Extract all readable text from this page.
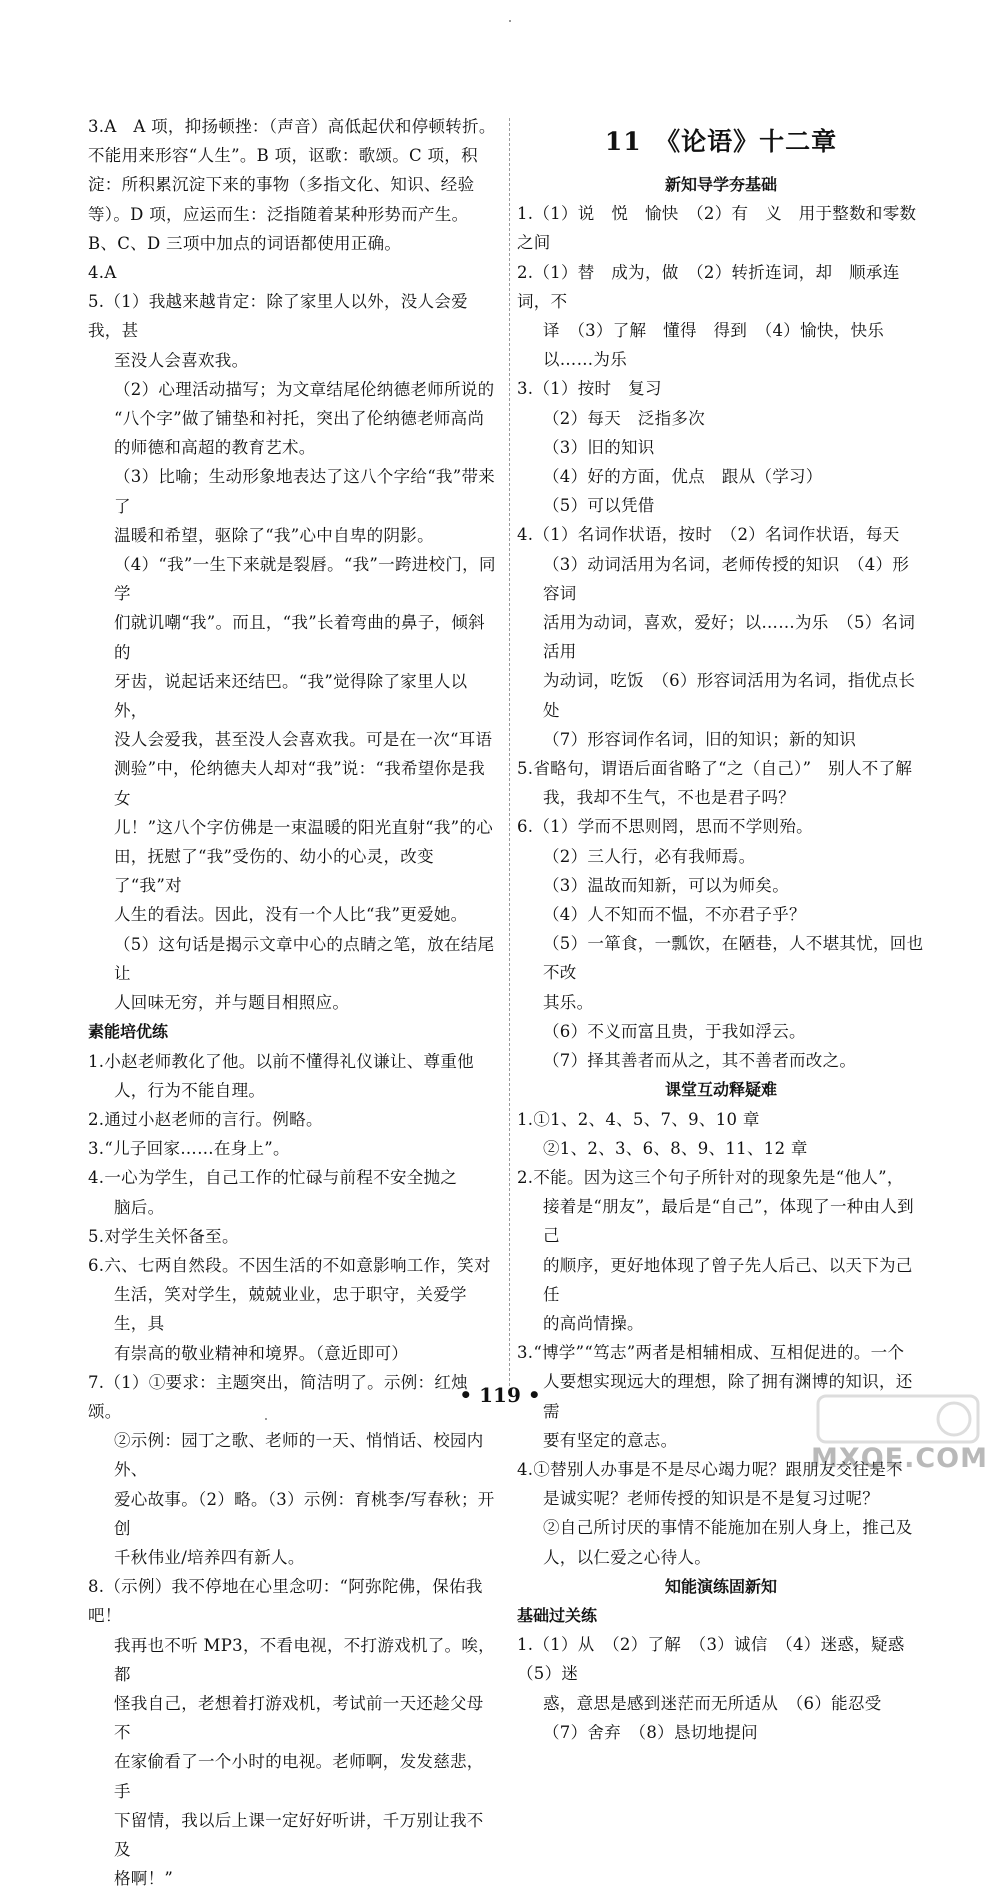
3.A　A 项，抑扬顿挫：（声音）高低起伏和停顿转折。
不能用来形容“人生”。B 项，讴歌：歌颂。C 项，积
淀：所积累沉淀下来的事物（多指文化、知识、经验
等）。D 项，应运而生：泛指随着某种形势而产生。
B、C、D 三项中加点的词语都使用正确。
4.A
5.（1）我越来越肯定：除了家里人以外，没人会爱我，甚
至没人会喜欢我。
（2）心理活动描写；为文章结尾伦纳德老师所说的
“八个字”做了铺垫和衬托，突出了伦纳德老师高尚
的师德和高超的教育艺术。
（3）比喻；生动形象地表达了这八个字给“我”带来了
温暖和希望，驱除了“我”心中自卑的阴影。
（4）“我”一生下来就是裂唇。“我”一跨进校门，同学
们就讥嘲“我”。而且，“我”长着弯曲的鼻子，倾斜的
牙齿，说起话来还结巴。“我”觉得除了家里人以外，
没人会爱我，甚至没人会喜欢我。可是在一次“耳语
测验”中，伦纳德夫人却对“我”说：“我希望你是我女
儿！”这八个字仿佛是一束温暖的阳光直射“我”的心
田，抚慰了“我”受伤的、幼小的心灵，改变了“我”对
人生的看法。因此，没有一个人比“我”更爱她。
（5）这句话是揭示文章中心的点睛之笔，放在结尾让
人回味无穷，并与题目相照应。
素能培优练
1.小赵老师教化了他。以前不懂得礼仪谦让、尊重他
人，行为不能自理。
2.通过小赵老师的言行。例略。
3.“儿子回家……在身上”。
4.一心为学生，自己工作的忙碌与前程不安全抛之
脑后。
5.对学生关怀备至。
6.六、七两自然段。不因生活的不如意影响工作，笑对
生活，笑对学生，兢兢业业，忠于职守，关爱学生，具
有崇高的敬业精神和境界。（意近即可）
7.（1）①要求：主题突出，简洁明了。示例：红烛颂。
②示例：园丁之歌、老师的一天、悄悄话、校园内外、
爱心故事。（2）略。（3）示例：育桃李/写春秋；开创
千秋伟业/培养四有新人。
8.（示例）我不停地在心里念叨：“阿弥陀佛，保佑我吧！
我再也不听 MP3，不看电视，不打游戏机了。唉，都
怪我自己，老想着打游戏机，考试前一天还趁父母不
在家偷看了一个小时的电视。老师啊，发发慈悲，手
下留情，我以后上课一定好好听讲，千万别让我不及
格啊！”
11　《论语》十二章
新知导学夯基础
1.（1）说　悦　愉快　（2）有　义　用于整数和零数之间
2.（1）替　成为，做　（2）转折连词，却　顺承连词，不
译　（3）了解　懂得　得到　（4）愉快，快乐
以……为乐
3.（1）按时　复习
（2）每天　泛指多次
（3）旧的知识
（4）好的方面，优点　跟从（学习）
（5）可以凭借
4.（1）名词作状语，按时　（2）名词作状语，每天
（3）动词活用为名词，老师传授的知识　（4）形容词
活用为动词，喜欢，爱好；以……为乐　（5）名词活用
为动词，吃饭　（6）形容词活用为名词，指优点长处
（7）形容词作名词，旧的知识；新的知识
5.省略句，谓语后面省略了“之（自己）”　别人不了解
我，我却不生气，不也是君子吗？
6.（1）学而不思则罔，思而不学则殆。
（2）三人行，必有我师焉。
（3）温故而知新，可以为师矣。
（4）人不知而不愠，不亦君子乎？
（5）一箪食，一瓢饮，在陋巷，人不堪其忧，回也不改
其乐。
（6）不义而富且贵，于我如浮云。
（7）择其善者而从之，其不善者而改之。
课堂互动释疑难
1.①1、2、4、5、7、9、10 章
②1、2、3、6、8、9、11、12 章
2.不能。因为这三个句子所针对的现象先是“他人”，
接着是“朋友”，最后是“自己”，体现了一种由人到己
的顺序，更好地体现了曾子先人后己、以天下为己任
的高尚情操。
3.“博学”“笃志”两者是相辅相成、互相促进的。一个
人要想实现远大的理想，除了拥有渊博的知识，还需
要有坚定的意志。
4.①替别人办事是不是尽心竭力呢？跟朋友交往是不
是诚实呢？老师传授的知识是不是复习过呢？
②自己所讨厌的事情不能施加在别人身上，推己及
人，以仁爱之心待人。
知能演练固新知
基础过关练
1.（1）从　（2）了解　（3）诚信　（4）迷惑，疑惑　（5）迷
惑，意思是感到迷茫而无所适从　（6）能忍受
（7）舍弃　（8）恳切地提问
• 119 •
MXQE.COM
